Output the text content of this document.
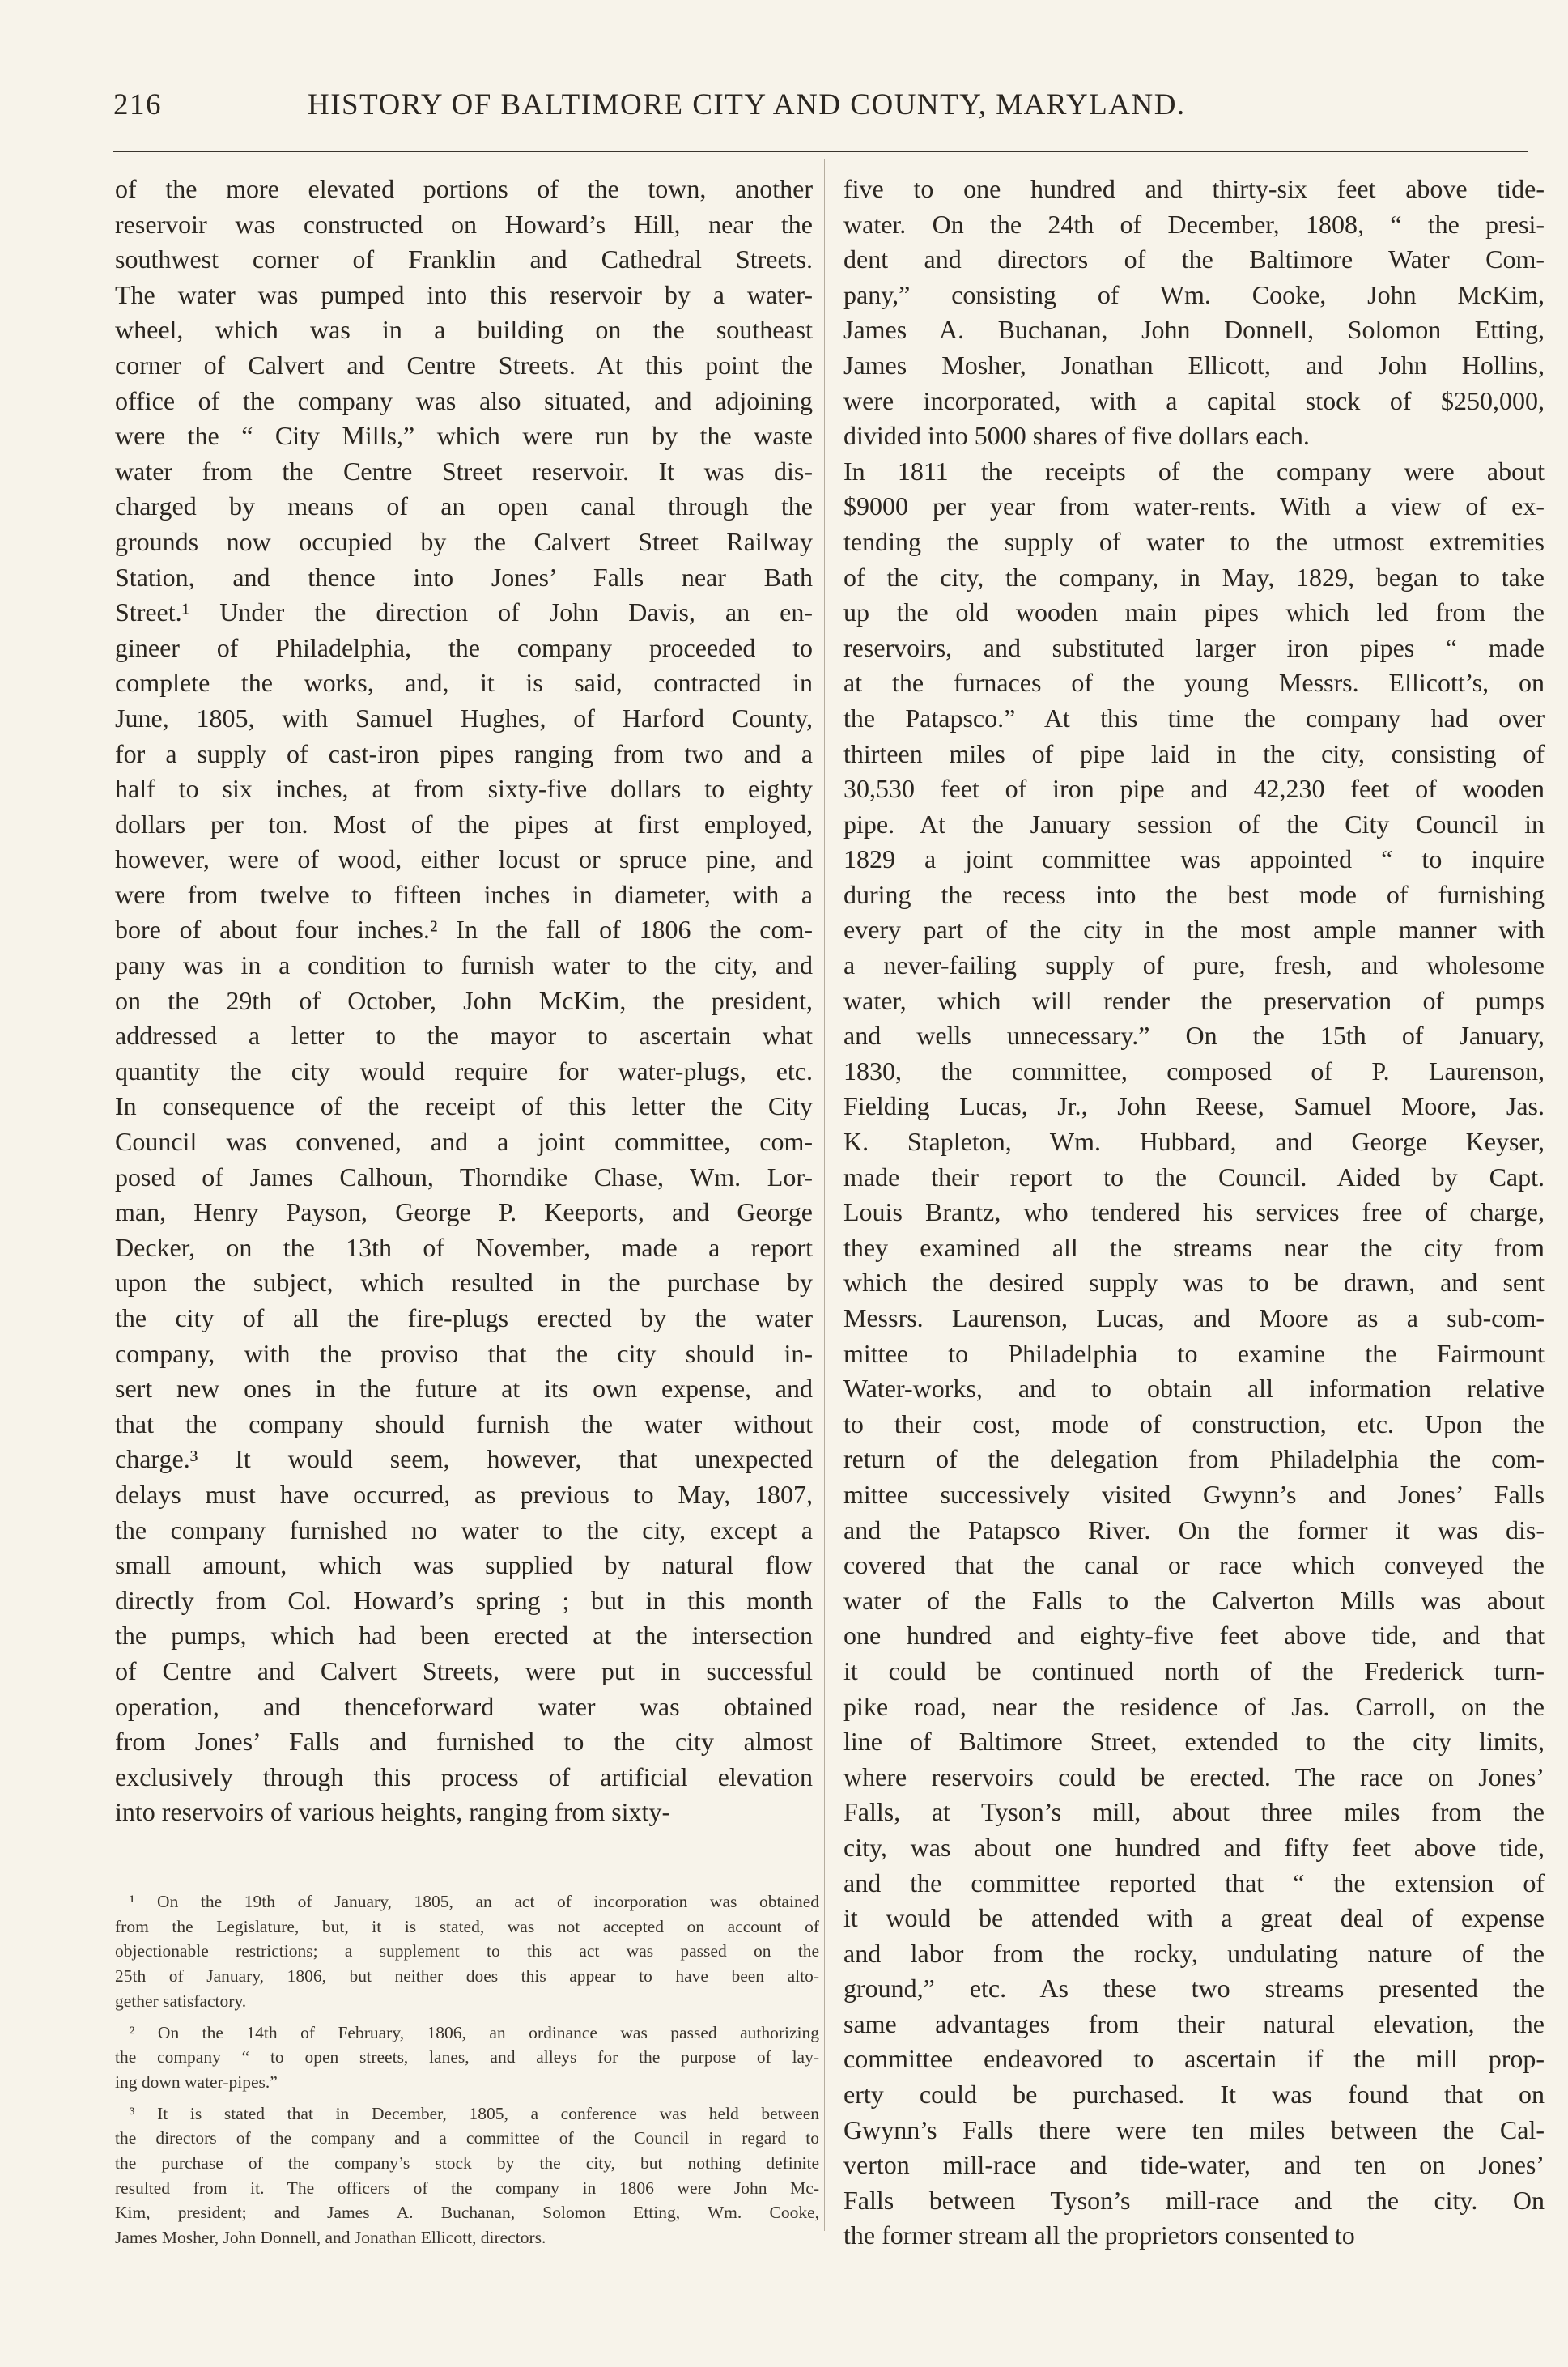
216	HISTORY OF BALTIMORE CITY AND COUNTY, MARYLAND.
of the more elevated portions of the town, another
reservoir was constructed on Howard’s Hill, near the
southwest corner of Franklin and Cathedral Streets.
The water was pumped into this reservoir by a water-
wheel, which was in a building on the southeast
corner of Calvert and Centre Streets. At this point the
office of the company was also situated, and adjoining
were the “ City Mills,” which were run by the waste
water from the Centre Street reservoir. It was dis-
charged by means of an open canal through the
grounds now occupied by the Calvert Street Railway
Station, and thence into Jones’ Falls near Bath
Street.¹ Under the direction of John Davis, an en-
gineer of Philadelphia, the company proceeded to
complete the works, and, it is said, contracted in
June, 1805, with Samuel Hughes, of Harford County,
for a supply of cast-iron pipes ranging from two and a
half to six inches, at from sixty-five dollars to eighty
dollars per ton. Most of the pipes at first employed,
however, were of wood, either locust or spruce pine, and
were from twelve to fifteen inches in diameter, with a
bore of about four inches.² In the fall of 1806 the com-
pany was in a condition to furnish water to the city, and
on the 29th of October, John McKim, the president,
addressed a letter to the mayor to ascertain what
quantity the city would require for water-plugs, etc.
In consequence of the receipt of this letter the City
Council was convened, and a joint committee, com-
posed of James Calhoun, Thorndike Chase, Wm. Lor-
man, Henry Payson, George P. Keeports, and George
Decker, on the 13th of November, made a report
upon the subject, which resulted in the purchase by
the city of all the fire-plugs erected by the water
company, with the proviso that the city should in-
sert new ones in the future at its own expense, and
that the company should furnish the water without
charge.³ It would seem, however, that unexpected
delays must have occurred, as previous to May, 1807,
the company furnished no water to the city, except a
small amount, which was supplied by natural flow
directly from Col. Howard’s spring ; but in this month
the pumps, which had been erected at the intersection
of Centre and Calvert Streets, were put in successful
operation, and thenceforward water was obtained
from Jones’ Falls and furnished to the city almost
exclusively through this process of artificial elevation
into reservoirs of various heights, ranging from sixty-
five to one hundred and thirty-six feet above tide-
water. On the 24th of December, 1808, “ the presi-
dent and directors of the Baltimore Water Com-
pany,” consisting of Wm. Cooke, John McKim,
James A. Buchanan, John Donnell, Solomon Etting,
James Mosher, Jonathan Ellicott, and John Hollins,
were incorporated, with a capital stock of $250,000,
divided into 5000 shares of five dollars each.
In 1811 the receipts of the company were about
$9000 per year from water-rents. With a view of ex-
tending the supply of water to the utmost extremities
of the city, the company, in May, 1829, began to take
up the old wooden main pipes which led from the
reservoirs, and substituted larger iron pipes “ made
at the furnaces of the young Messrs. Ellicott’s, on
the Patapsco.” At this time the company had over
thirteen miles of pipe laid in the city, consisting of
30,530 feet of iron pipe and 42,230 feet of wooden
pipe. At the January session of the City Council in
1829 a joint committee was appointed “ to inquire
during the recess into the best mode of furnishing
every part of the city in the most ample manner with
a never-failing supply of pure, fresh, and wholesome
water, which will render the preservation of pumps
and wells unnecessary.” On the 15th of January,
1830, the committee, composed of P. Laurenson,
Fielding Lucas, Jr., John Reese, Samuel Moore, Jas.
K. Stapleton, Wm. Hubbard, and George Keyser,
made their report to the Council. Aided by Capt.
Louis Brantz, who tendered his services free of charge,
they examined all the streams near the city from
which the desired supply was to be drawn, and sent
Messrs. Laurenson, Lucas, and Moore as a sub-com-
mittee to Philadelphia to examine the Fairmount
Water-works, and to obtain all information relative
to their cost, mode of construction, etc. Upon the
return of the delegation from Philadelphia the com-
mittee successively visited Gwynn’s and Jones’ Falls
and the Patapsco River. On the former it was dis-
covered that the canal or race which conveyed the
water of the Falls to the Calverton Mills was about
one hundred and eighty-five feet above tide, and that
it could be continued north of the Frederick turn-
pike road, near the residence of Jas. Carroll, on the
line of Baltimore Street, extended to the city limits,
where reservoirs could be erected. The race on Jones’
Falls, at Tyson’s mill, about three miles from the
city, was about one hundred and fifty feet above tide,
and the committee reported that “ the extension of
it would be attended with a great deal of expense
and labor from the rocky, undulating nature of the
ground,” etc. As these two streams presented the
same advantages from their natural elevation, the
committee endeavored to ascertain if the mill prop-
erty could be purchased. It was found that on
Gwynn’s Falls there were ten miles between the Cal-
verton mill-race and tide-water, and ten on Jones’
Falls between Tyson’s mill-race and the city. On
the former stream all the proprietors consented to
¹ On the 19th of January, 1805, an act of incorporation was obtained
from the Legislature, but, it is stated, was not accepted on account of
objectionable restrictions; a supplement to this act was passed on the
25th of January, 1806, but neither does this appear to have been alto-
gether satisfactory.
² On the 14th of February, 1806, an ordinance was passed authorizing
the company “ to open streets, lanes, and alleys for the purpose of lay-
ing down water-pipes.”
³ It is stated that in December, 1805, a conference was held between
the directors of the company and a committee of the Council in regard to
the purchase of the company’s stock by the city, but nothing definite
resulted from it. The officers of the company in 1806 were John Mc-
Kim, president; and James A. Buchanan, Solomon Etting, Wm. Cooke,
James Mosher, John Donnell, and Jonathan Ellicott, directors.
